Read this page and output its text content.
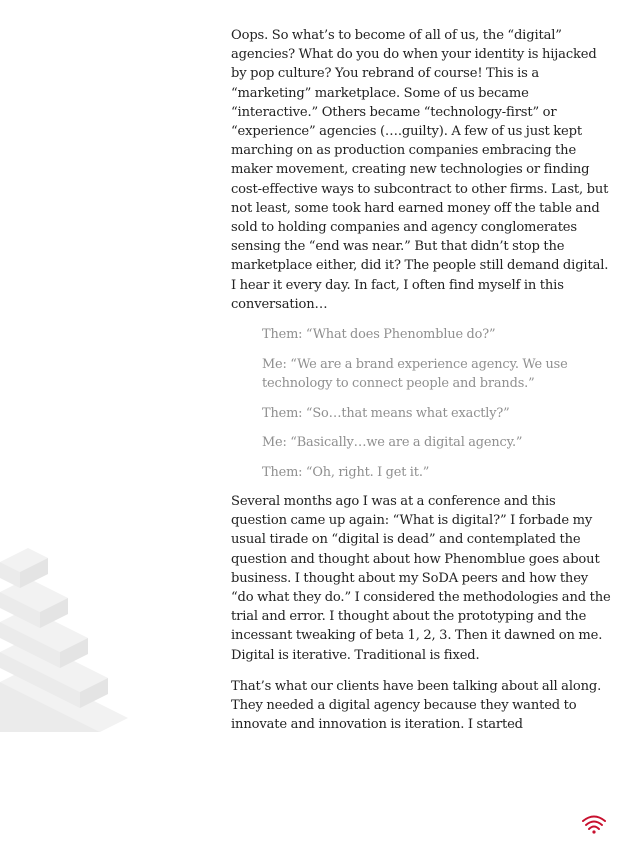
Oops. So what’s to become of all of us, the “digital” agencies? What do you do when your identity is hijacked by pop culture? You rebrand of course! This is a “marketing” marketplace. Some of us became “interactive.” Others became “technology-first” or “experience” agencies (….guilty). A few of us just kept marching on as production companies embracing the maker movement, creating new technologies or finding cost-effective ways to subcontract to other firms. Last, but not least, some took hard earned money off the table and sold to holding companies and agency conglomerates sensing the “end was near.” But that didn’t stop the marketplace either, did it? The people still demand digital. I hear it every day. In fact, I often find myself in this conversation…

Them: “What does Phenomblue do?”

Me: “We are a brand experience agency. We use technology to connect people and brands.”

Them: “So…that means what exactly?”

Me: “Basically…we are a digital agency.”

Them: “Oh, right. I get it.”

Several months ago I was at a conference and this question came up again: “What is digital?” I forbade my usual tirade on “digital is dead” and contemplated the question and thought about how Phenomblue goes about business. I thought about my SoDA peers and how they “do what they do.” I considered the methodologies and the trial and error. I thought about the prototyping and the incessant tweaking of beta 1, 2, 3. Then it dawned on me. Digital is iterative. Traditional is fixed.

That’s what our clients have been talking about all along. They needed a digital agency because they wanted to innovate and innovation is iteration. I started
